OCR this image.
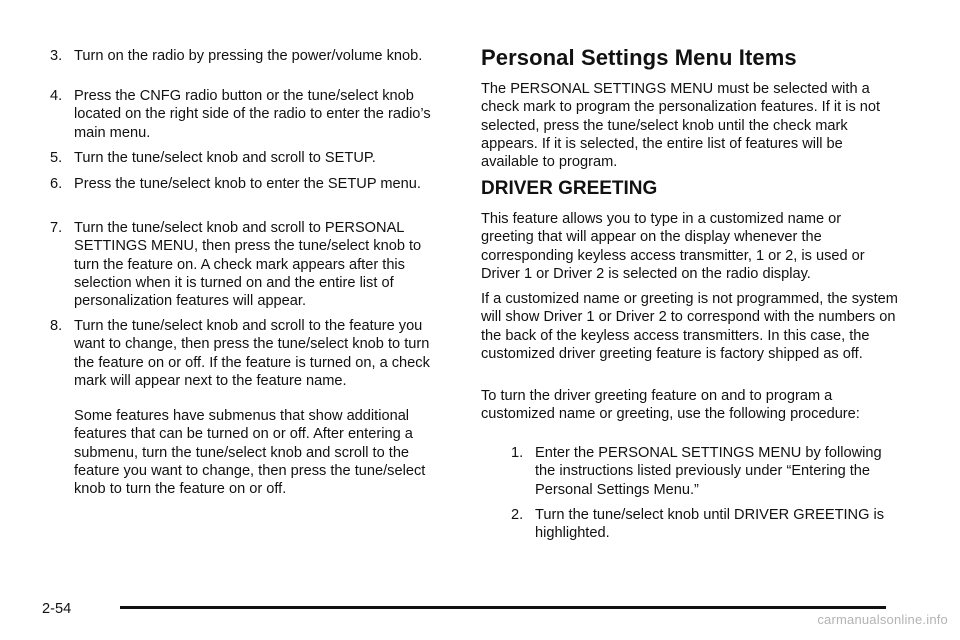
3. Turn on the radio by pressing the power/volume knob.
4. Press the CNFG radio button or the tune/select knob located on the right side of the radio to enter the radio’s main menu.
5. Turn the tune/select knob and scroll to SETUP.
6. Press the tune/select knob to enter the SETUP menu.
7. Turn the tune/select knob and scroll to PERSONAL SETTINGS MENU, then press the tune/select knob to turn the feature on. A check mark appears after this selection when it is turned on and the entire list of personalization features will appear.
8. Turn the tune/select knob and scroll to the feature you want to change, then press the tune/select knob to turn the feature on or off. If the feature is turned on, a check mark will appear next to the feature name.
Some features have submenus that show additional features that can be turned on or off. After entering a submenu, turn the tune/select knob and scroll to the feature you want to change, then press the tune/select knob to turn the feature on or off.
Personal Settings Menu Items
The PERSONAL SETTINGS MENU must be selected with a check mark to program the personalization features. If it is not selected, press the tune/select knob until the check mark appears. If it is selected, the entire list of features will be available to program.
DRIVER GREETING
This feature allows you to type in a customized name or greeting that will appear on the display whenever the corresponding keyless access transmitter, 1 or 2, is used or Driver 1 or Driver 2 is selected on the radio display.
If a customized name or greeting is not programmed, the system will show Driver 1 or Driver 2 to correspond with the numbers on the back of the keyless access transmitters. In this case, the customized driver greeting feature is factory shipped as off.
To turn the driver greeting feature on and to program a customized name or greeting, use the following procedure:
1. Enter the PERSONAL SETTINGS MENU by following the instructions listed previously under “Entering the Personal Settings Menu.”
2. Turn the tune/select knob until DRIVER GREETING is highlighted.
2-54
carmanualsonline.info
